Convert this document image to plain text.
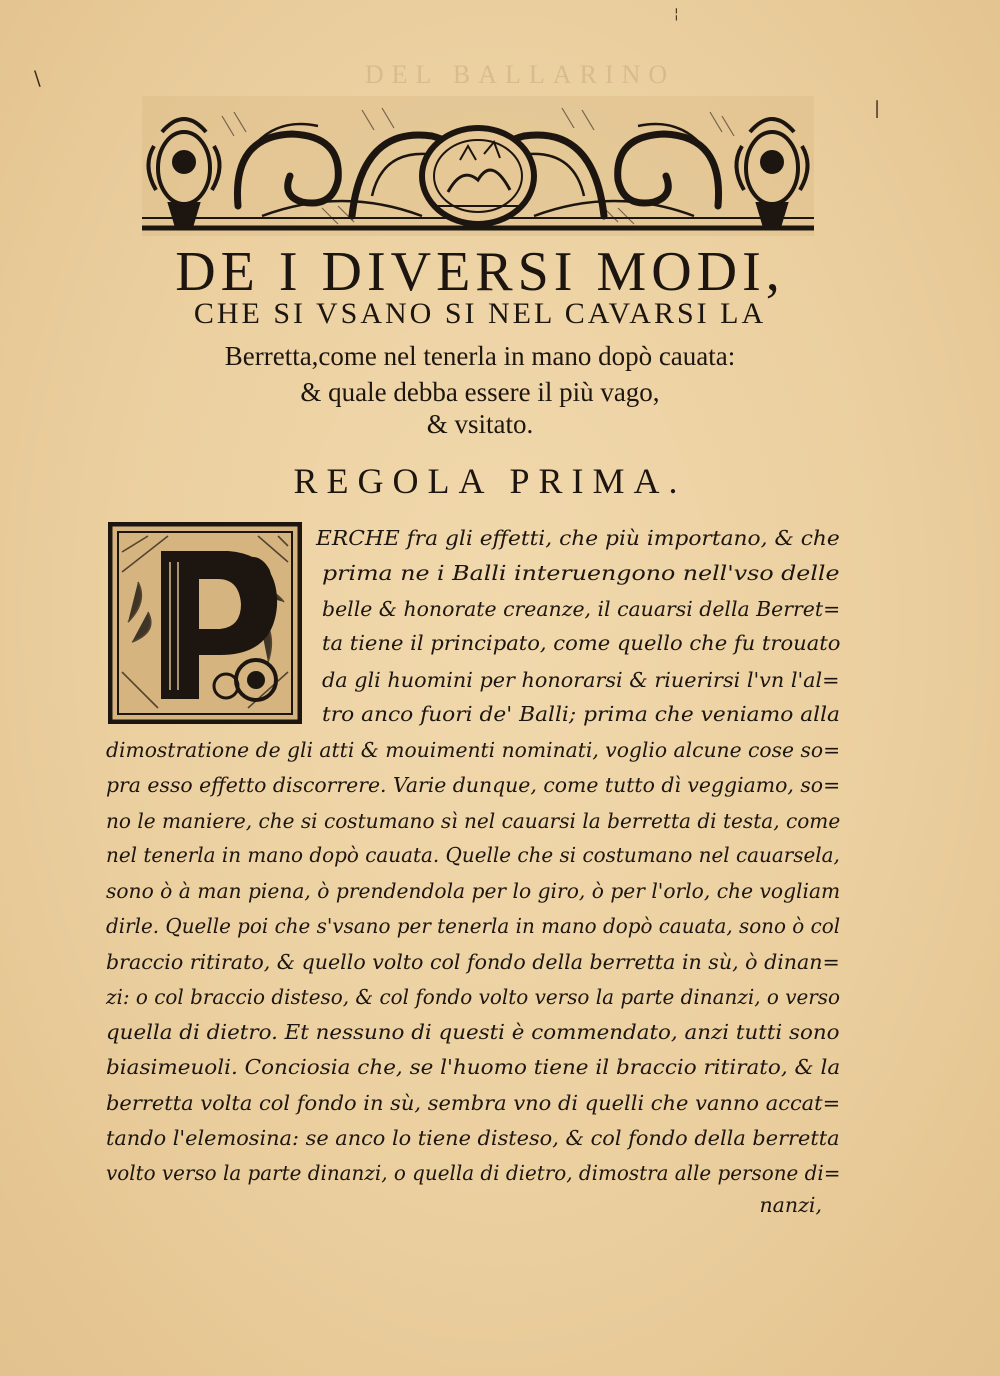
DEL BALLARINO
\
¦
|
DE I DIVERSI MODI,
CHE SI VSANO SI NEL CAVARSI LA
Berretta,come nel tenerla in mano dopò cauata:
& quale debba essere il più vago,
& vsitato.
REGOLA PRIMA.
ERCHE fra gli effetti, che più importano, & che
prima ne i Balli interuengono nell'vso delle
belle & honorate creanze, il cauarsi della Berret=
ta tiene il principato, come quello che fu trouato
da gli huomini per honorarsi & riuerirsi l'vn l'al=
tro anco fuori de' Balli; prima che veniamo alla
dimostratione de gli atti & mouimenti nominati, voglio alcune cose so=
pra esso effetto discorrere. Varie dunque, come tutto dì veggiamo, so=
no le maniere, che si costumano sì nel cauarsi la berretta di testa, come
nel tenerla in mano dopò cauata. Quelle che si costumano nel cauarsela,
sono ò à man piena, ò prendendola per lo giro, ò per l'orlo, che vogliam
dirle. Quelle poi che s'vsano per tenerla in mano dopò cauata, sono ò col
braccio ritirato, & quello volto col fondo della berretta in sù, ò dinan=
zi: o col braccio disteso, & col fondo volto verso la parte dinanzi, o verso
quella di dietro. Et nessuno di questi è commendato, anzi tutti sono
biasimeuoli. Conciosia che, se l'huomo tiene il braccio ritirato, & la
berretta volta col fondo in sù, sembra vno di quelli che vanno accat=
tando l'elemosina: se anco lo tiene disteso, & col fondo della berretta
volto verso la parte dinanzi, o quella di dietro, dimostra alle persone di=
nanzi,
